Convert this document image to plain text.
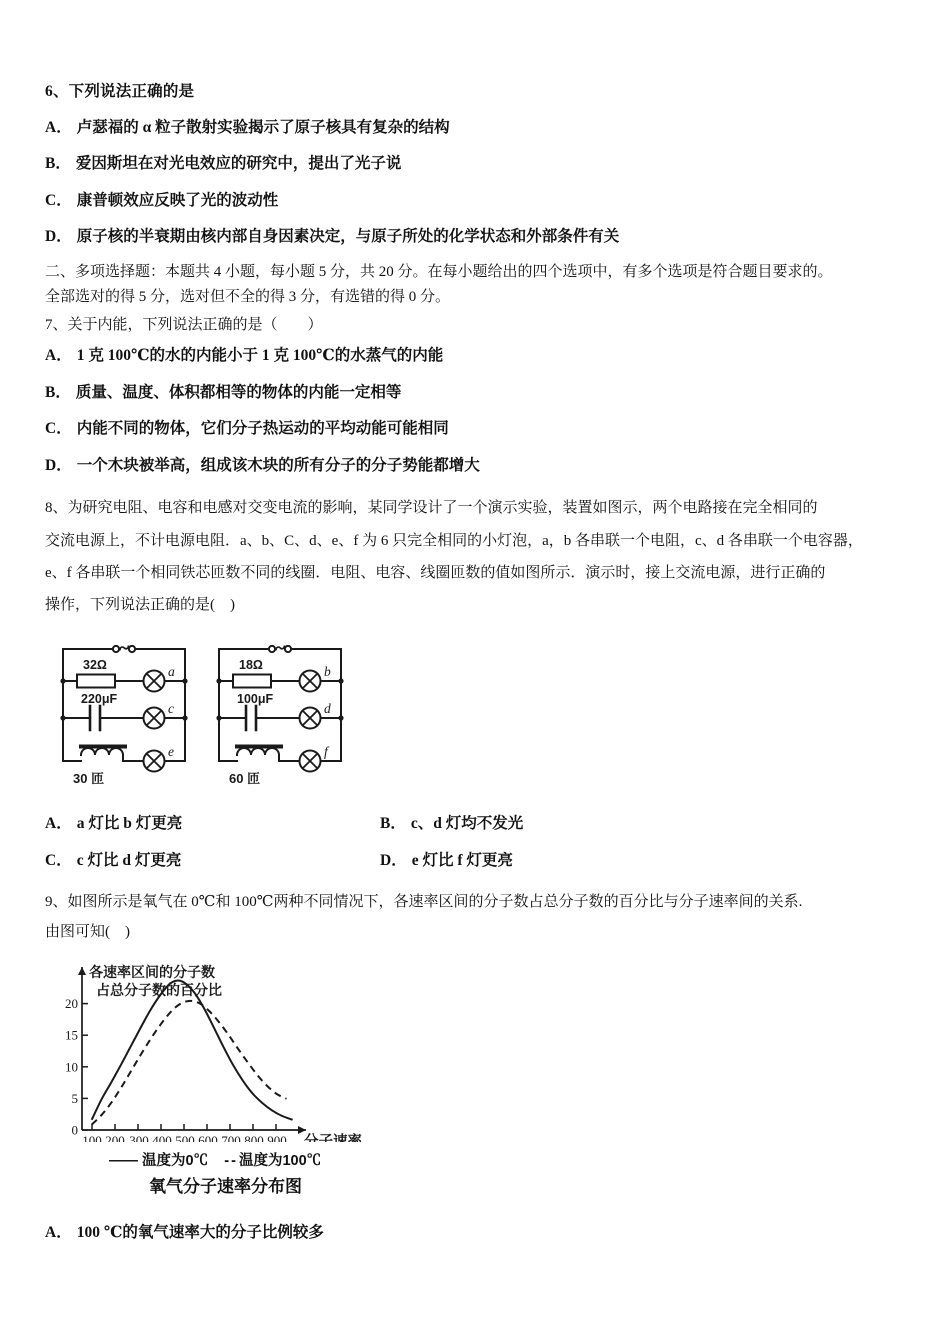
6、下列说法正确的是

A． 卢瑟福的 α 粒子散射实验揭示了原子核具有复杂的结构

B． 爱因斯坦在对光电效应的研究中，提出了光子说

C． 康普顿效应反映了光的波动性

D． 原子核的半衰期由核内部自身因素决定，与原子所处的化学状态和外部条件有关

二、多项选择题：本题共 4 小题，每小题 5 分，共 20 分。在每小题给出的四个选项中，有多个选项是符合题目要求的。

全部选对的得 5 分，选对但不全的得 3 分，有选错的得 0 分。

7、关于内能，下列说法正确的是（　　）

A． 1 克 100℃的水的内能小于 1 克 100℃的水蒸气的内能

B． 质量、温度、体积都相等的物体的内能一定相等

C． 内能不同的物体，它们分子热运动的平均动能可能相同

D． 一个木块被举高，组成该木块的所有分子的分子势能都增大

8、为研究电阻、电容和电感对交变电流的影响，某同学设计了一个演示实验，装置如图示，两个电路接在完全相同的

交流电源上，不计电源电阻．a、b、C、d、e、f 为 6 只完全相同的小灯泡，a，b 各串联一个电阻，c、d 各串联一个电容器，

e、f 各串联一个相同铁芯匝数不同的线圈．电阻、电容、线圈匝数的值如图所示．演示时，接上交流电源，进行正确的

操作，下列说法正确的是(　)

32Ω
220μF
30 匝
a
c
e
18Ω
100μF
60 匝
b
d
f
A． a 灯比 b 灯更亮	B． c、d 灯均不发光
C． c 灯比 d 灯更亮	D． e 灯比 f 灯更亮

9、如图所示是氧气在 0℃和 100℃两种不同情况下，各速率区间的分子数占总分子数的百分比与分子速率间的关系.

由图可知(　)

0
5
10
15
20
100 200 300 400 500 600 700 800 900 分子速率
各速率区间的分子数
占总分子数的百分比
—— 温度为0℃ - - 温度为100℃
氧气分子速率分布图

A． 100 ℃的氧气速率大的分子比例较多
